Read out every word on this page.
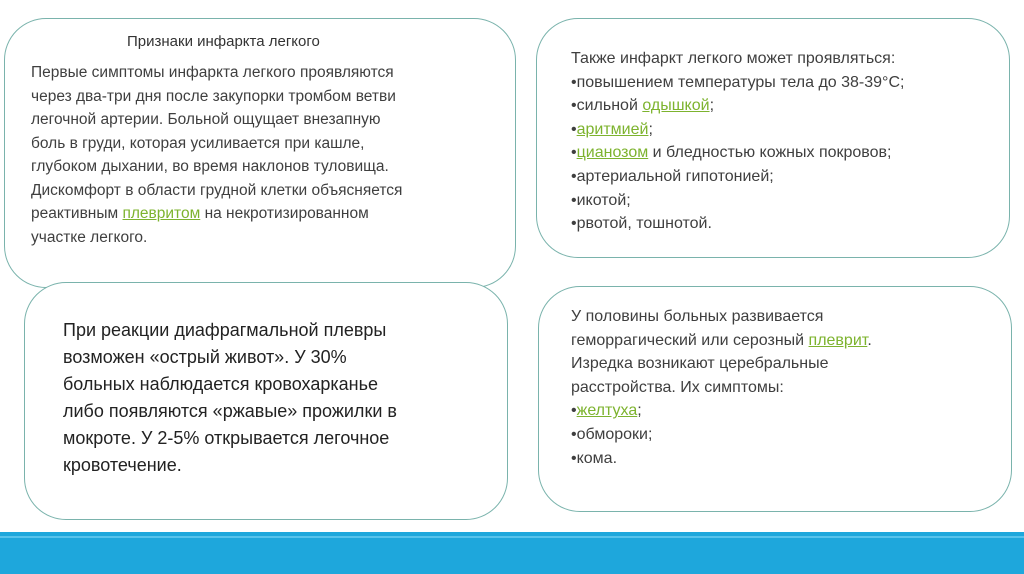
Признаки инфаркта легкого
Первые симптомы инфаркта легкого проявляются
через два-три дня после закупорки тромбом ветви
легочной артерии. Больной ощущает внезапную
боль в груди, которая усиливается при кашле,
глубоком дыхании, во время наклонов туловища.
Дискомфорт в области грудной клетки объясняется
реактивным плевритом на некротизированном
участке легкого.
Также инфаркт легкого может проявляться:
•повышением температуры тела до 38-39°C;
•сильной одышкой;
•аритмией;
•цианозом и бледностью кожных покровов;
•артериальной гипотонией;
•икотой;
•рвотой, тошнотой.
При реакции диафрагмальной плевры
возможен «острый живот». У 30%
больных наблюдается кровохарканье
либо появляются «ржавые» прожилки в
мокроте. У 2-5% открывается легочное
кровотечение.
У половины больных развивается
геморрагический или серозный плеврит.
Изредка возникают церебральные
расстройства. Их симптомы:
•желтуха;
•обмороки;
•кома.
